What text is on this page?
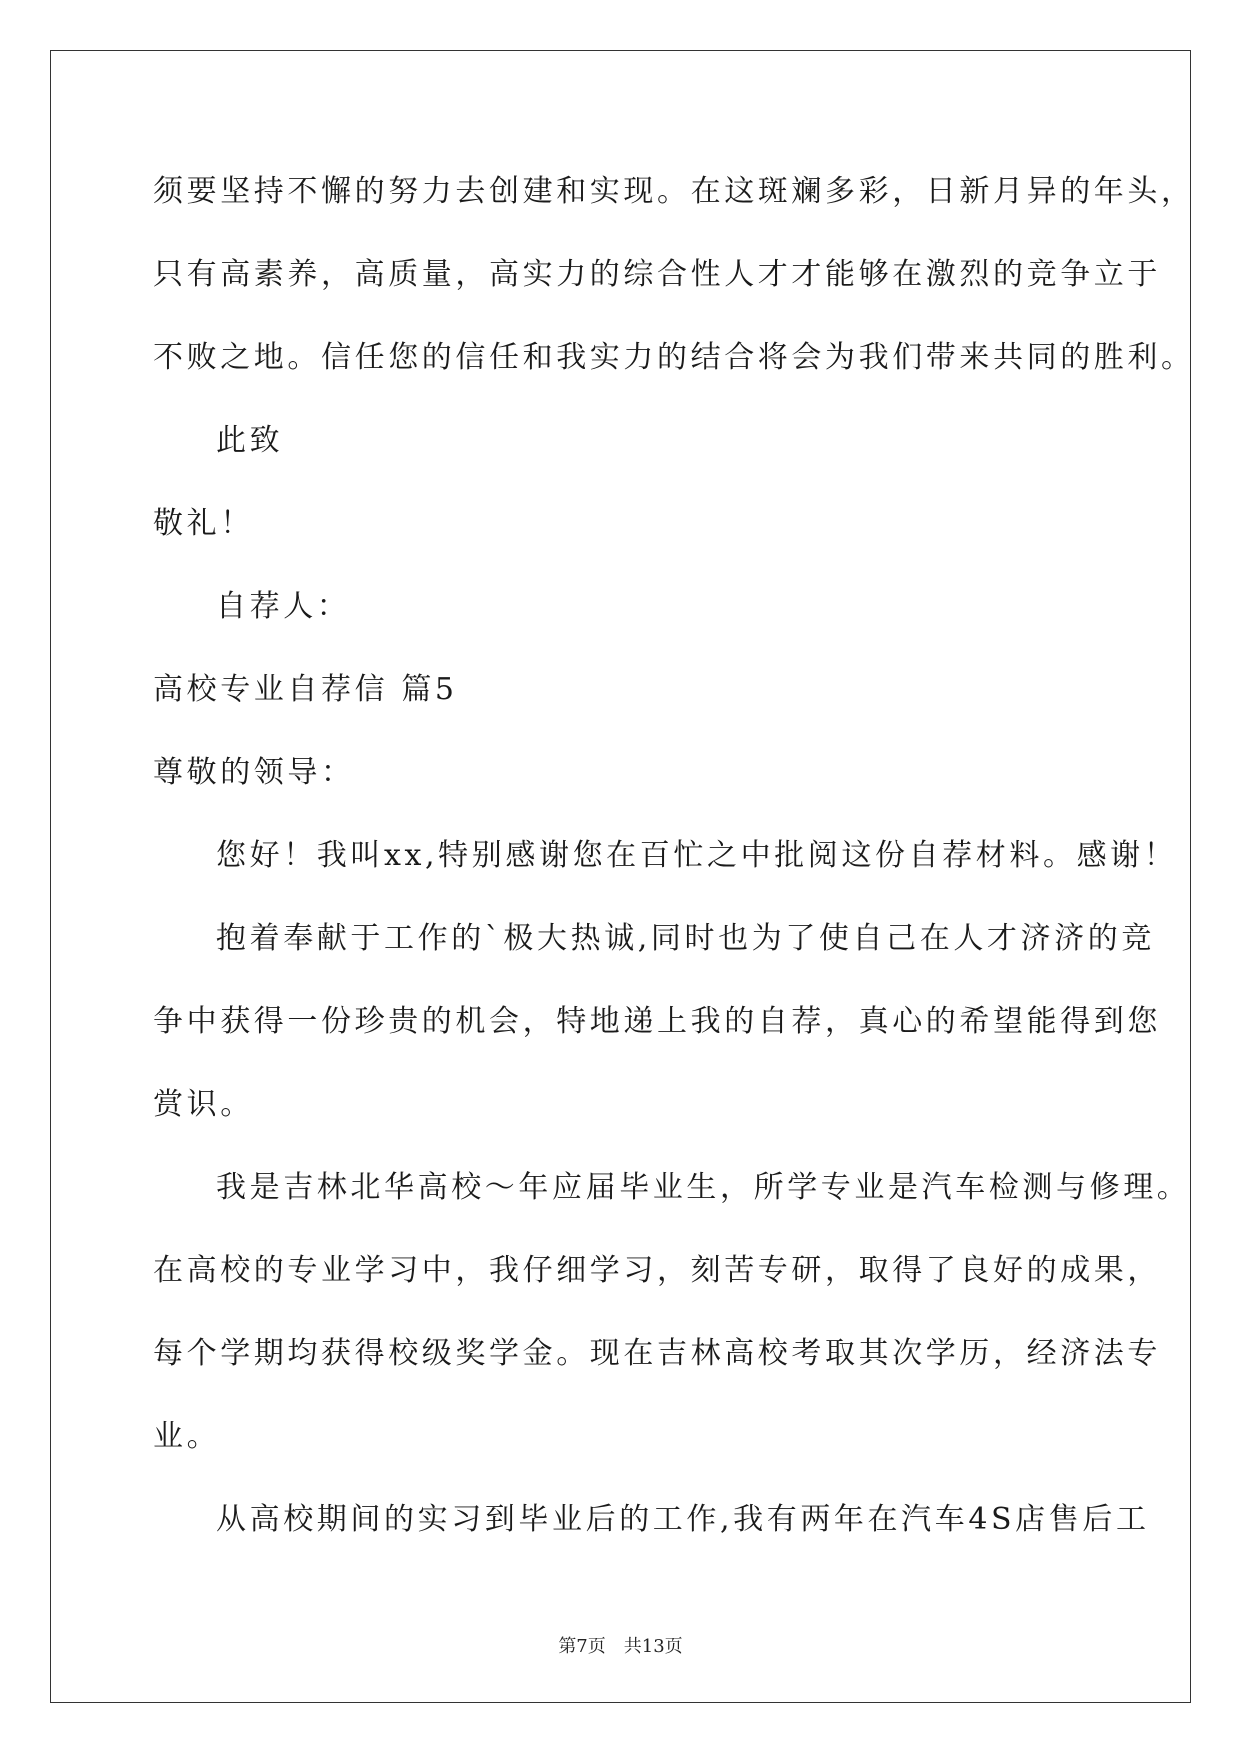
须要坚持不懈的努力去创建和实现。在这斑斓多彩，日新月异的年头，
只有高素养，高质量，高实力的综合性人才才能够在激烈的竞争立于
不败之地。信任您的信任和我实力的结合将会为我们带来共同的胜利。
此致
敬礼！
自荐人：
高校专业自荐信 篇5
尊敬的领导：
您好！我叫xx,特别感谢您在百忙之中批阅这份自荐材料。感谢！
抱着奉献于工作的`极大热诚,同时也为了使自己在人才济济的竞
争中获得一份珍贵的机会，特地递上我的自荐，真心的希望能得到您
赏识。
我是吉林北华高校～年应届毕业生，所学专业是汽车检测与修理。
在高校的专业学习中，我仔细学习，刻苦专研，取得了良好的成果，
每个学期均获得校级奖学金。现在吉林高校考取其次学历，经济法专
业。
从高校期间的实习到毕业后的工作,我有两年在汽车4S店售后工
第7页　共13页
